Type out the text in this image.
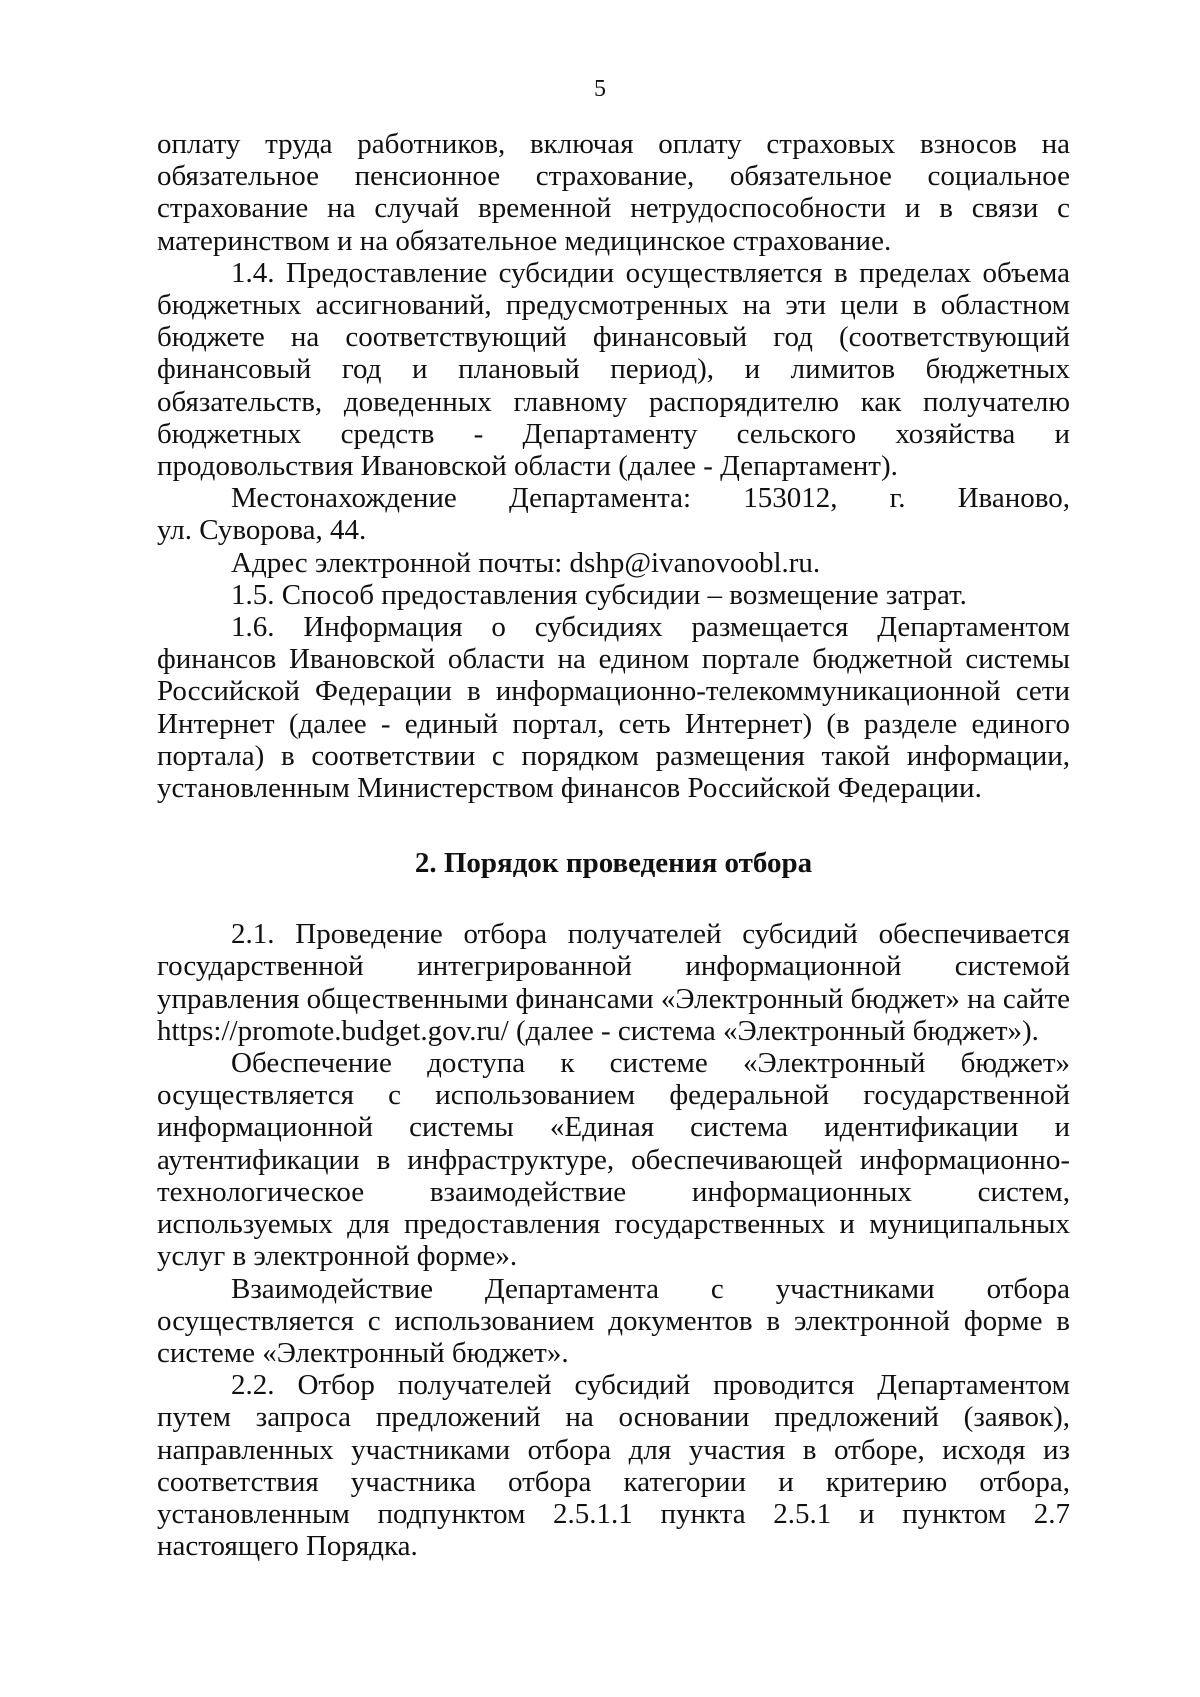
5

оплату труда работников, включая оплату страховых взносов на обязательное пенсионное страхование, обязательное социальное страхование на случай временной нетрудоспособности и в связи с материнством и на обязательное медицинское страхование.

1.4. Предоставление субсидии осуществляется в пределах объема бюджетных ассигнований, предусмотренных на эти цели в областном бюджете на соответствующий финансовый год (соответствующий финансовый год и плановый период), и лимитов бюджетных обязательств, доведенных главному распорядителю как получателю бюджетных средств - Департаменту сельского хозяйства и продовольствия Ивановской области (далее - Департамент).

Местонахождение Департамента: 153012, г. Иваново,

ул. Суворова, 44.

Адрес электронной почты: dshp@ivanovoobl.ru.

1.5. Способ предоставления субсидии – возмещение затрат.

1.6. Информация о субсидиях размещается Департаментом финансов Ивановской области на едином портале бюджетной системы Российской Федерации в информационно-телекоммуникационной сети Интернет (далее - единый портал, сеть Интернет) (в разделе единого портала) в соответствии с порядком размещения такой информации, установленным Министерством финансов Российской Федерации.

2. Порядок проведения отбора

2.1. Проведение отбора получателей субсидий обеспечивается государственной интегрированной информационной системой управления общественными финансами «Электронный бюджет» на сайте https://promote.budget.gov.ru/ (далее - система «Электронный бюджет»).

Обеспечение доступа к системе «Электронный бюджет» осуществляется с использованием федеральной государственной информационной системы «Единая система идентификации и аутентификации в инфраструктуре, обеспечивающей информационно-технологическое взаимодействие информационных систем, используемых для предоставления государственных и муниципальных услуг в электронной форме».

Взаимодействие Департамента с участниками отбора осуществляется с использованием документов в электронной форме в системе «Электронный бюджет».

2.2. Отбор получателей субсидий проводится Департаментом путем запроса предложений на основании предложений (заявок), направленных участниками отбора для участия в отборе, исходя из соответствия участника отбора категории и критерию отбора, установленным подпунктом 2.5.1.1 пункта 2.5.1 и пунктом 2.7 настоящего Порядка.
